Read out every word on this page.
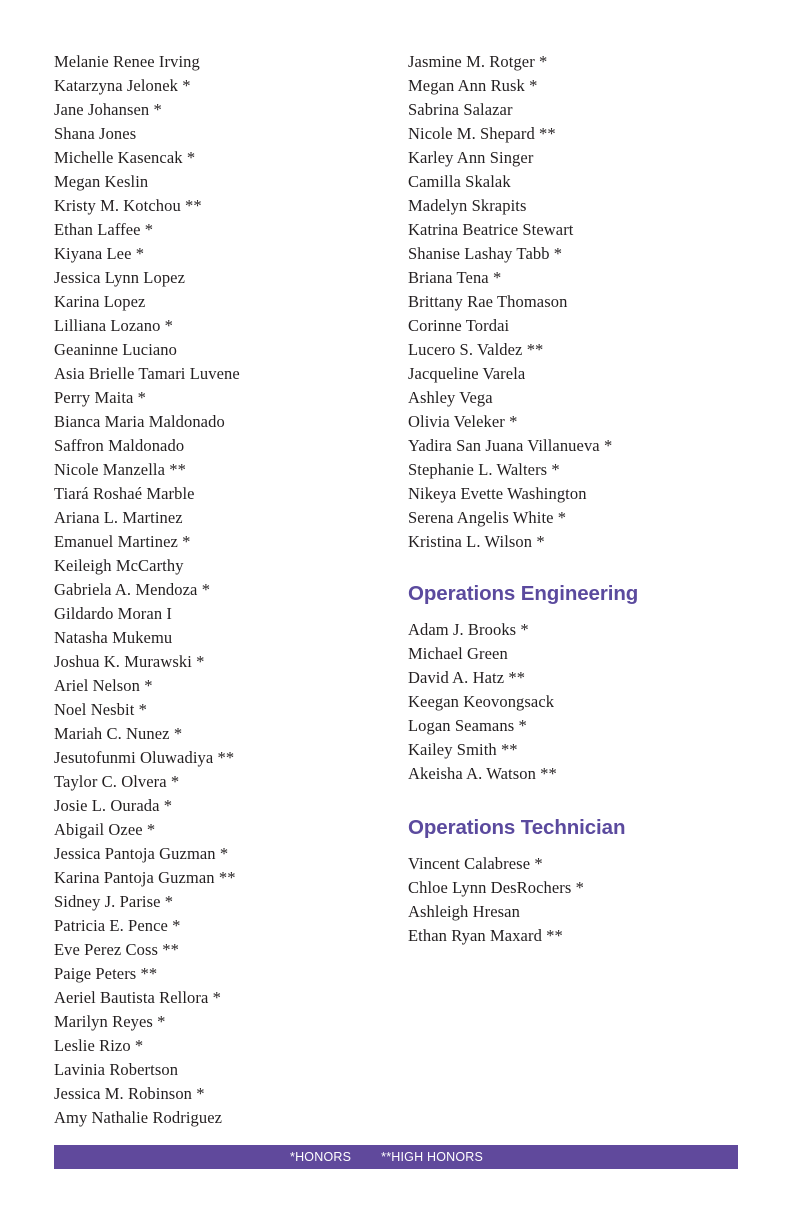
Melanie Renee Irving
Katarzyna Jelonek *
Jane Johansen *
Shana Jones
Michelle Kasencak *
Megan Keslin
Kristy M. Kotchou **
Ethan Laffee *
Kiyana Lee *
Jessica Lynn Lopez
Karina Lopez
Lilliana Lozano *
Geaninne Luciano
Asia Brielle Tamari Luvene
Perry Maita *
Bianca Maria Maldonado
Saffron Maldonado
Nicole Manzella **
Tiará Roshaé Marble
Ariana L. Martinez
Emanuel Martinez *
Keileigh McCarthy
Gabriela A. Mendoza *
Gildardo Moran I
Natasha Mukemu
Joshua K. Murawski *
Ariel Nelson *
Noel Nesbit *
Mariah C. Nunez *
Jesutofunmi Oluwadiya **
Taylor C. Olvera *
Josie L. Ourada *
Abigail Ozee *
Jessica Pantoja Guzman *
Karina Pantoja Guzman **
Sidney J. Parise *
Patricia E. Pence *
Eve Perez Coss **
Paige Peters **
Aeriel Bautista Rellora *
Marilyn Reyes *
Leslie Rizo *
Lavinia Robertson
Jessica M. Robinson *
Amy Nathalie Rodriguez
Jasmine M. Rotger *
Megan Ann Rusk *
Sabrina Salazar
Nicole M. Shepard **
Karley Ann Singer
Camilla Skalak
Madelyn Skrapits
Katrina Beatrice Stewart
Shanise Lashay Tabb *
Briana Tena *
Brittany Rae Thomason
Corinne Tordai
Lucero S. Valdez **
Jacqueline Varela
Ashley Vega
Olivia Veleker *
Yadira San Juana Villanueva *
Stephanie L. Walters *
Nikeya Evette Washington
Serena Angelis White *
Kristina L. Wilson *
Operations Engineering
Adam J. Brooks *
Michael Green
David A. Hatz **
Keegan Keovongsack
Logan Seamans *
Kailey Smith **
Akeisha A. Watson **
Operations Technician
Vincent Calabrese *
Chloe Lynn DesRochers *
Ashleigh Hresan
Ethan Ryan Maxard **
*HONORS **HIGH HONORS
